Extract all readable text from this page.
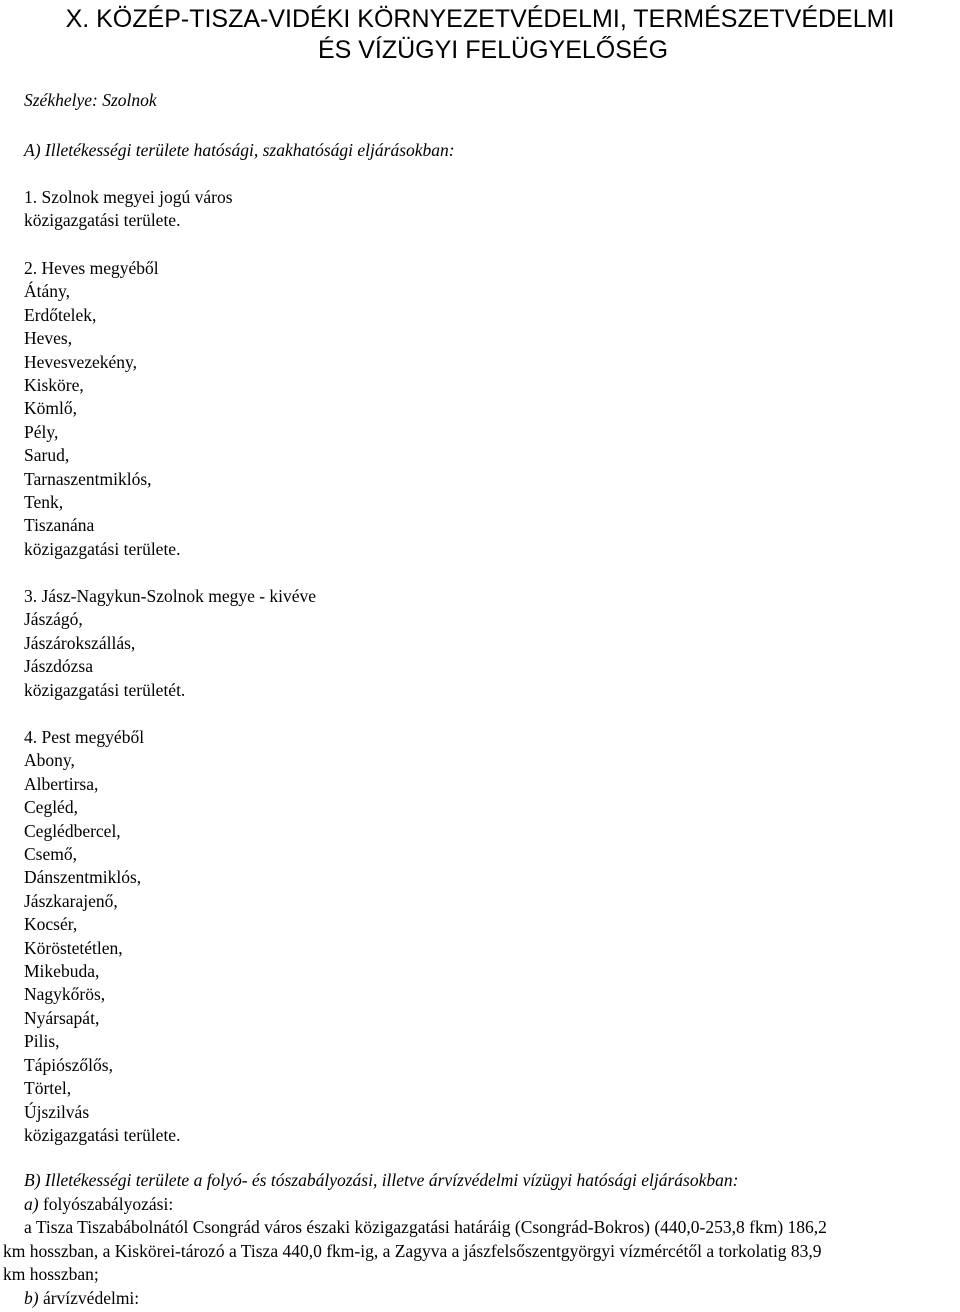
X. KÖZÉP-TISZA-VIDÉKI KÖRNYEZETVÉDELMI, TERMÉSZETVÉDELMI
ÉS VÍZÜGYI FELÜGYELŐSÉG
Székhelye: Szolnok
A) Illetékességi területe hatósági, szakhatósági eljárásokban:
1. Szolnok megyei jogú város
közigazgatási területe.
2. Heves megyéből
Átány,
Erdőtelek,
Heves,
Hevesvezekény,
Kisköre,
Kömlő,
Pély,
Sarud,
Tarnaszentmiklós,
Tenk,
Tiszanána
közigazgatási területe.
3. Jász-Nagykun-Szolnok megye - kivéve
Jászágó,
Jászárokszállás,
Jászdózsa
közigazgatási területét.
4. Pest megyéből
Abony,
Albertirsa,
Cegléd,
Ceglédbercel,
Csemő,
Dánszentmiklós,
Jászkarajenő,
Kocsér,
Köröstetétlen,
Mikebuda,
Nagykőrös,
Nyársapát,
Pilis,
Tápiószőlős,
Törtel,
Újszilvás
közigazgatási területe.
B) Illetékességi területe a folyó- és tószabályozási, illetve árvízvédelmi vízügyi hatósági eljárásokban:
a) folyószabályozási:
a Tisza Tiszabábolnától Csongrád város északi közigazgatási határáig (Csongrád-Bokros) (440,0-253,8 fkm) 186,2
km hosszban, a Kiskörei-tározó a Tisza 440,0 fkm-ig, a Zagyva a jászfelsőszentgyörgyi vízmércétől a torkolatig 83,9
km hosszban;
b) árvízvédelmi:
